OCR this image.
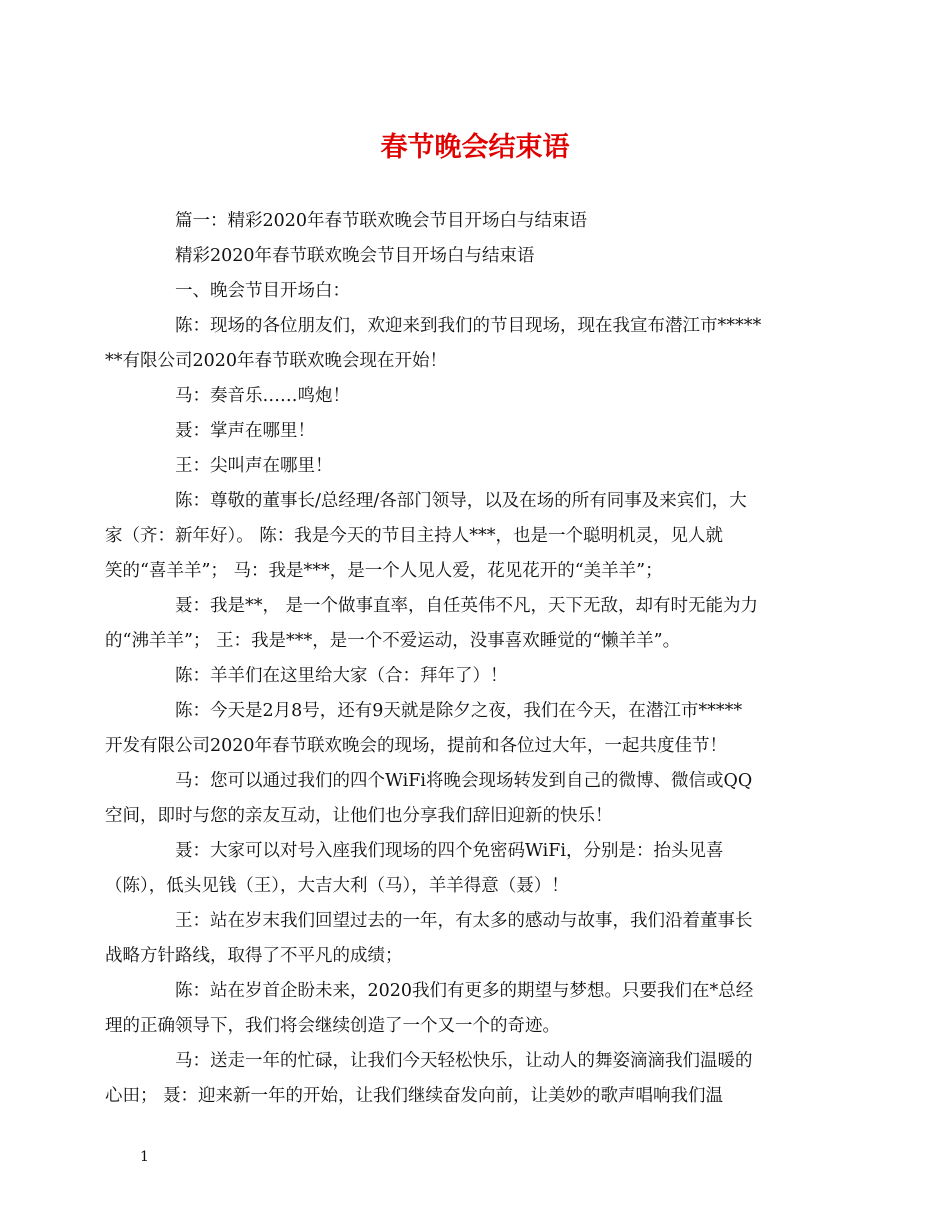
春节晚会结束语
篇一：精彩2020年春节联欢晚会节目开场白与结束语
精彩2020年春节联欢晚会节目开场白与结束语
一、晚会节目开场白：
陈：现场的各位朋友们，欢迎来到我们的节目现场，现在我宣布潜江市*****
**有限公司2020年春节联欢晚会现在开始！
马：奏音乐……鸣炮！
聂：掌声在哪里！
王：尖叫声在哪里！
陈：尊敬的董事长/总经理/各部门领导，以及在场的所有同事及来宾们，大
家（齐：新年好）。 陈：我是今天的节目主持人***，也是一个聪明机灵，见人就
笑的“喜羊羊”； 马：我是***，是一个人见人爱，花见花开的“美羊羊”；
聂：我是**， 是一个做事直率，自任英伟不凡，天下无敌，却有时无能为力
的“沸羊羊”； 王：我是***，是一个不爱运动，没事喜欢睡觉的“懒羊羊”。
陈：羊羊们在这里给大家（合：拜年了）！
陈：今天是2月8号，还有9天就是除夕之夜，我们在今天，在潜江市*****
开发有限公司2020年春节联欢晚会的现场，提前和各位过大年，一起共度佳节！
马：您可以通过我们的四个WiFi将晚会现场转发到自己的微博、微信或QQ
空间，即时与您的亲友互动，让他们也分享我们辞旧迎新的快乐！
聂：大家可以对号入座我们现场的四个免密码WiFi，分别是：抬头见喜
（陈），低头见钱（王），大吉大利（马），羊羊得意（聂）！
王：站在岁末我们回望过去的一年，有太多的感动与故事，我们沿着董事长
战略方针路线，取得了不平凡的成绩；
陈：站在岁首企盼未来，2020我们有更多的期望与梦想。只要我们在*总经
理的正确领导下，我们将会继续创造了一个又一个的奇迹。
马：送走一年的忙碌，让我们今天轻松快乐，让动人的舞姿滴滴我们温暖的
心田； 聂：迎来新一年的开始，让我们继续奋发向前，让美妙的歌声唱响我们温
1
